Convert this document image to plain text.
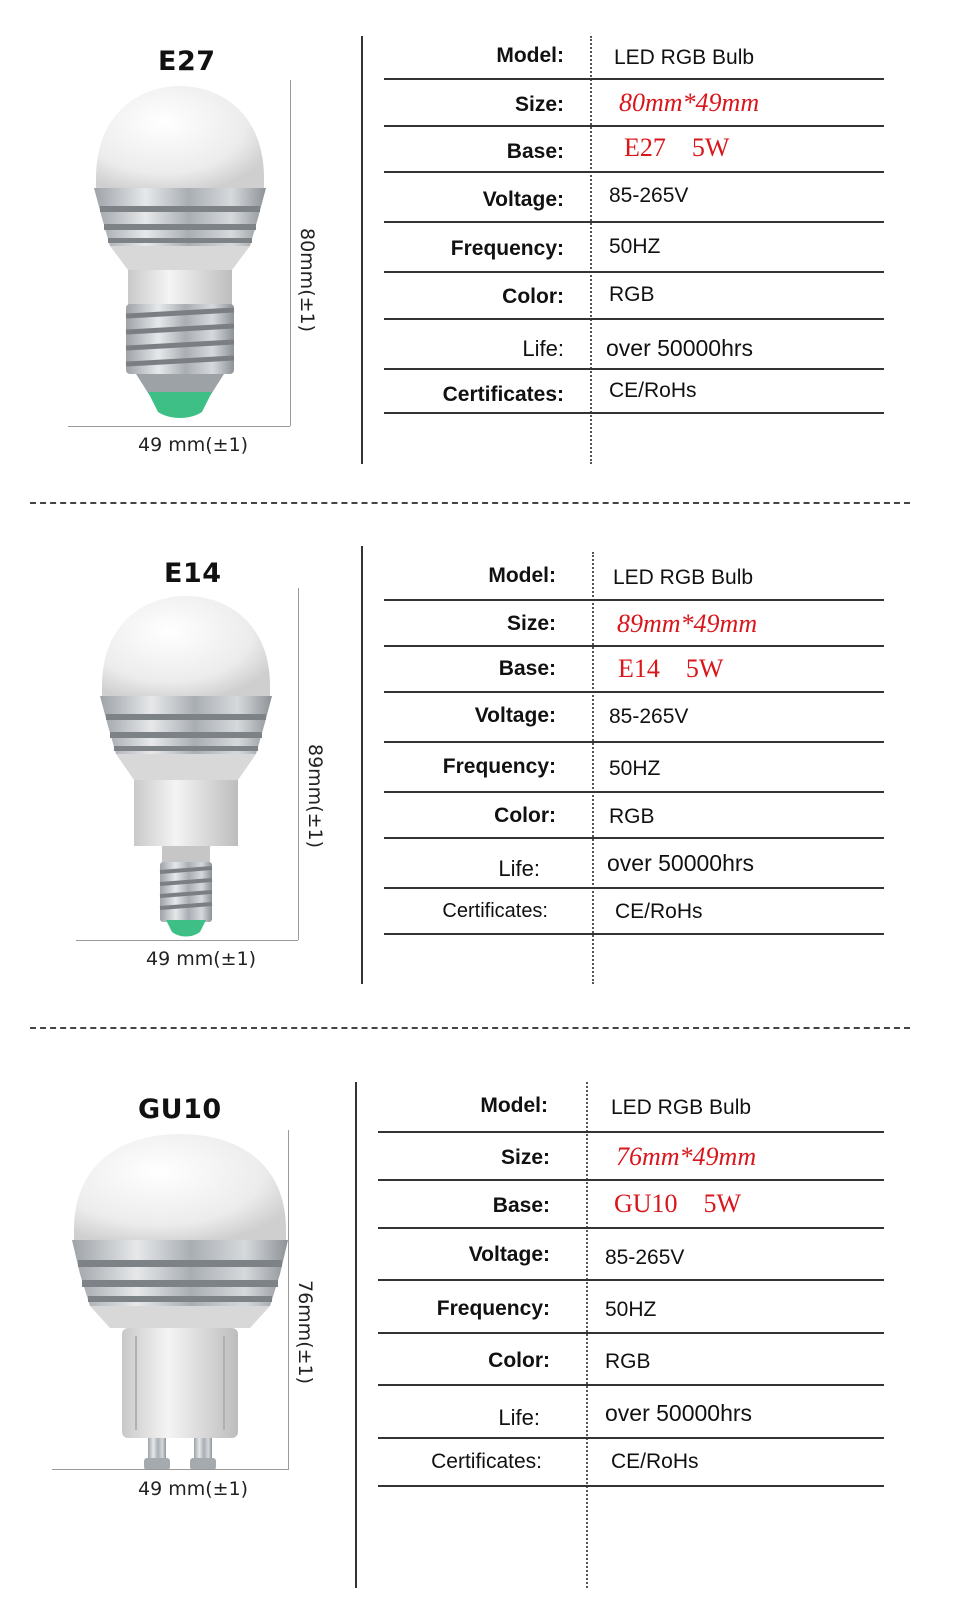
E27
80mm(±1)
49 mm(±1)
Model: LED RGB Bulb
Size: 80mm*49mm
Base: E27    5W
Voltage: 85-265V
Frequency: 50HZ
Color: RGB
Life: over 50000hrs
Certificates: CE/RoHs
E14
89mm(±1)
49 mm(±1)
Model:	LED RGB Bulb
Size: 89mm*49mm
Base: E14    5W
Voltage:	85-265V
Frequency:	50HZ
Color:	RGB
Life:	over 50000hrs
Certificates:	CE/RoHs
GU10
76mm(±1)
49 mm(±1)
Model:	LED RGB Bulb
Size:	76mm*49mm
Base: GU10    5W
Voltage:	85-265V
Frequency:	50HZ
Color:	RGB
Life:	over 50000hrs
Certificates:	CE/RoHs
